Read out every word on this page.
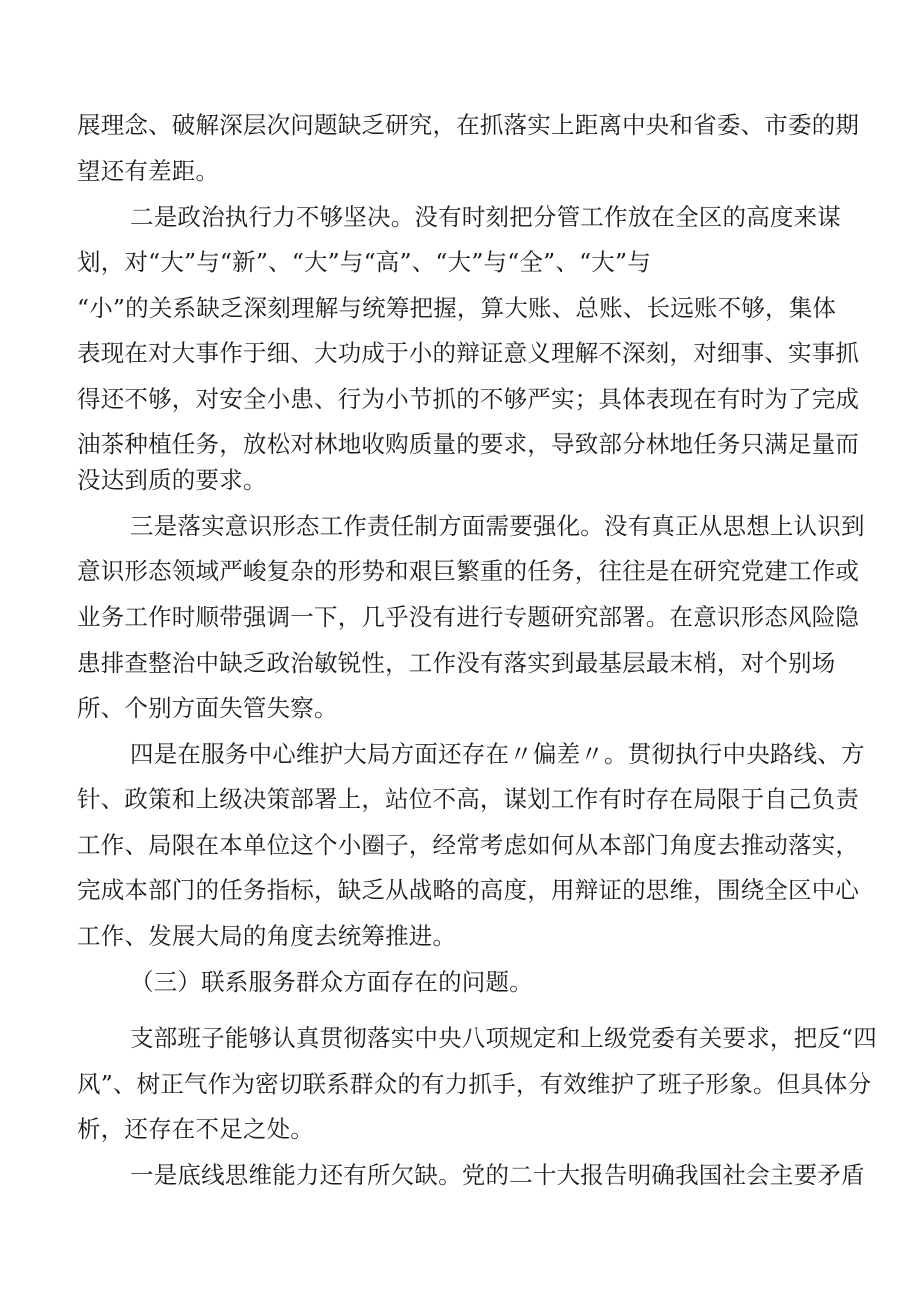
展理念、破解深层次问题缺乏研究，在抓落实上距离中央和省委、市委的期
望还有差距。
二是政治执行力不够坚决。没有时刻把分管工作放在全区的高度来谋
划，对“大”与“新”、“大”与“高”、“大”与“全”、“大”与
“小”的关系缺乏深刻理解与统筹把握，算大账、总账、长远账不够，集体
表现在对大事作于细、大功成于小的辩证意义理解不深刻，对细事、实事抓
得还不够，对安全小患、行为小节抓的不够严实；具体表现在有时为了完成
油茶种植任务，放松对林地收购质量的要求，导致部分林地任务只满足量而
没达到质的要求。
三是落实意识形态工作责任制方面需要强化。没有真正从思想上认识到
意识形态领域严峻复杂的形势和艰巨繁重的任务，往往是在研究党建工作或
业务工作时顺带强调一下，几乎没有进行专题研究部署。在意识形态风险隐
患排查整治中缺乏政治敏锐性，工作没有落实到最基层最末梢，对个别场
所、个别方面失管失察。
四是在服务中心维护大局方面还存在〃偏差〃。贯彻执行中央路线、方
针、政策和上级决策部署上，站位不高，谋划工作有时存在局限于自己负责
工作、局限在本单位这个小圈子，经常考虑如何从本部门角度去推动落实，
完成本部门的任务指标，缺乏从战略的高度，用辩证的思维，围绕全区中心
工作、发展大局的角度去统筹推进。
（三）联系服务群众方面存在的问题。
支部班子能够认真贯彻落实中央八项规定和上级党委有关要求，把反“四
风”、树正气作为密切联系群众的有力抓手，有效维护了班子形象。但具体分
析，还存在不足之处。
一是底线思维能力还有所欠缺。党的二十大报告明确我国社会主要矛盾
